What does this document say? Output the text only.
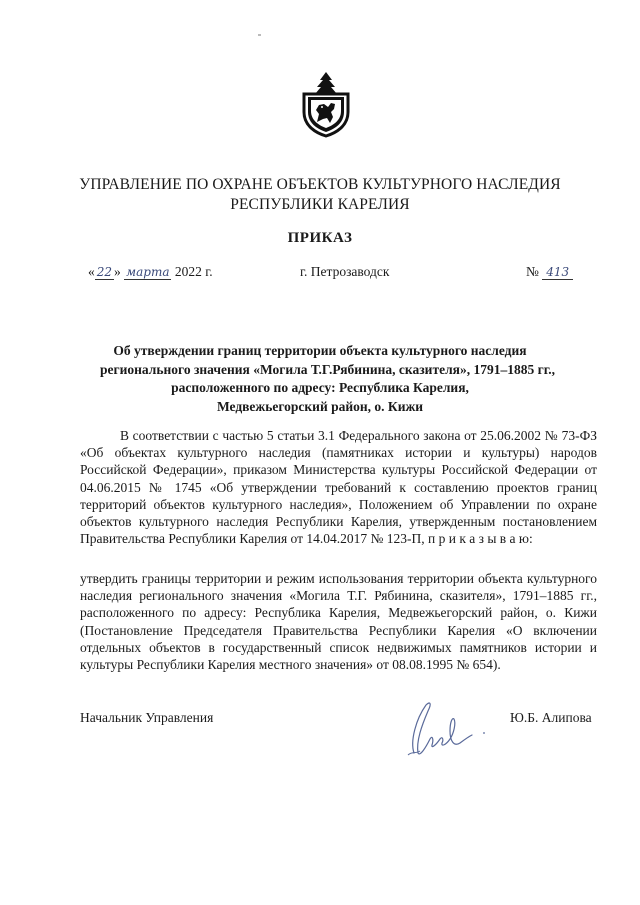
УПРАВЛЕНИЕ ПО ОХРАНЕ ОБЪЕКТОВ КУЛЬТУРНОГО НАСЛЕДИЯ
РЕСПУБЛИКИ КАРЕЛИЯ
ПРИКАЗ
« 22 » марта 2022 г.	г. Петрозаводск	№ 413
Об утверждении границ территории объекта культурного наследия
регионального значения «Могила Т.Г.Рябинина, сказителя», 1791–1885 гг.,
расположенного по адресу: Республика Карелия,
Медвежьегорский район, о. Кижи
В соответствии с частью 5 статьи 3.1 Федерального закона от 25.06.2002 № 73-ФЗ «Об объектах культурного наследия (памятниках истории и культуры) народов Российской Федерации», приказом Министерства культуры Российской Федерации от 04.06.2015 № 1745 «Об утверждении требований к составлению проектов границ территорий объектов культурного наследия», Положением об Управлении по охране объектов культурного наследия Республики Карелия, утвержденным постановлением Правительства Республики Карелия от 14.04.2017 № 123-П, п р и к а з ы в а ю:
утвердить границы территории и режим использования территории объекта культурного наследия регионального значения «Могила Т.Г. Рябинина, сказителя», 1791–1885 гг., расположенного по адресу: Республика Карелия, Медвежьегорский район, о. Кижи (Постановление Председателя Правительства Республики Карелия «О включении отдельных объектов в государственный список недвижимых памятников истории и культуры Республики Карелия местного значения» от 08.08.1995 № 654).
Начальник Управления	Ю.Б. Алипова
